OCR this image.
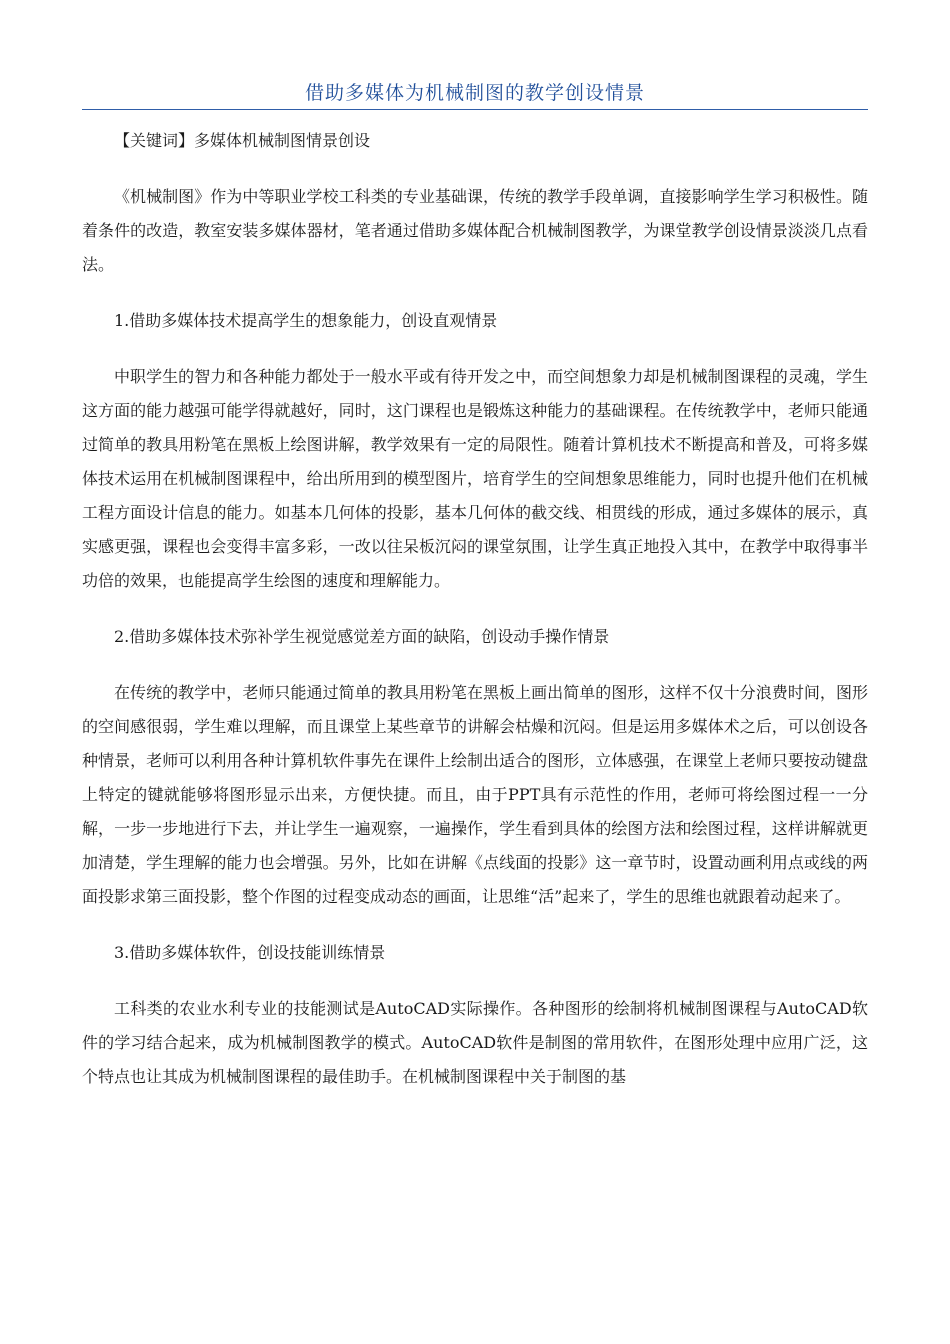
借助多媒体为机械制图的教学创设情景

【关键词】多媒体机械制图情景创设

《机械制图》作为中等职业学校工科类的专业基础课，传统的教学手段单调，直接影响学生学习积极性。随着条件的改造，教室安装多媒体器材，笔者通过借助多媒体配合机械制图教学，为课堂教学创设情景淡淡几点看法。

1.借助多媒体技术提高学生的想象能力，创设直观情景

中职学生的智力和各种能力都处于一般水平或有待开发之中，而空间想象力却是机械制图课程的灵魂，学生这方面的能力越强可能学得就越好，同时，这门课程也是锻炼这种能力的基础课程。在传统教学中，老师只能通过简单的教具用粉笔在黑板上绘图讲解，教学效果有一定的局限性。随着计算机技术不断提高和普及，可将多媒体技术运用在机械制图课程中，给出所用到的模型图片，培育学生的空间想象思维能力，同时也提升他们在机械工程方面设计信息的能力。如基本几何体的投影，基本几何体的截交线、相贯线的形成，通过多媒体的展示，真实感更强，课程也会变得丰富多彩，一改以往呆板沉闷的课堂氛围，让学生真正地投入其中，在教学中取得事半功倍的效果，也能提高学生绘图的速度和理解能力。

2.借助多媒体技术弥补学生视觉感觉差方面的缺陷，创设动手操作情景

在传统的教学中，老师只能通过简单的教具用粉笔在黑板上画出简单的图形，这样不仅十分浪费时间，图形的空间感很弱，学生难以理解，而且课堂上某些章节的讲解会枯燥和沉闷。但是运用多媒体术之后，可以创设各种情景，老师可以利用各种计算机软件事先在课件上绘制出适合的图形，立体感强，在课堂上老师只要按动键盘上特定的键就能够将图形显示出来，方便快捷。而且，由于PPT具有示范性的作用，老师可将绘图过程一一分解，一步一步地进行下去，并让学生一遍观察，一遍操作，学生看到具体的绘图方法和绘图过程，这样讲解就更加清楚，学生理解的能力也会增强。另外，比如在讲解《点线面的投影》这一章节时，设置动画利用点或线的两面投影求第三面投影，整个作图的过程变成动态的画面，让思维“活”起来了，学生的思维也就跟着动起来了。

3.借助多媒体软件，创设技能训练情景

工科类的农业水利专业的技能测试是AutoCAD实际操作。各种图形的绘制将机械制图课程与AutoCAD软件的学习结合起来，成为机械制图教学的模式。AutoCAD软件是制图的常用软件，在图形处理中应用广泛，这个特点也让其成为机械制图课程的最佳助手。在机械制图课程中关于制图的基
